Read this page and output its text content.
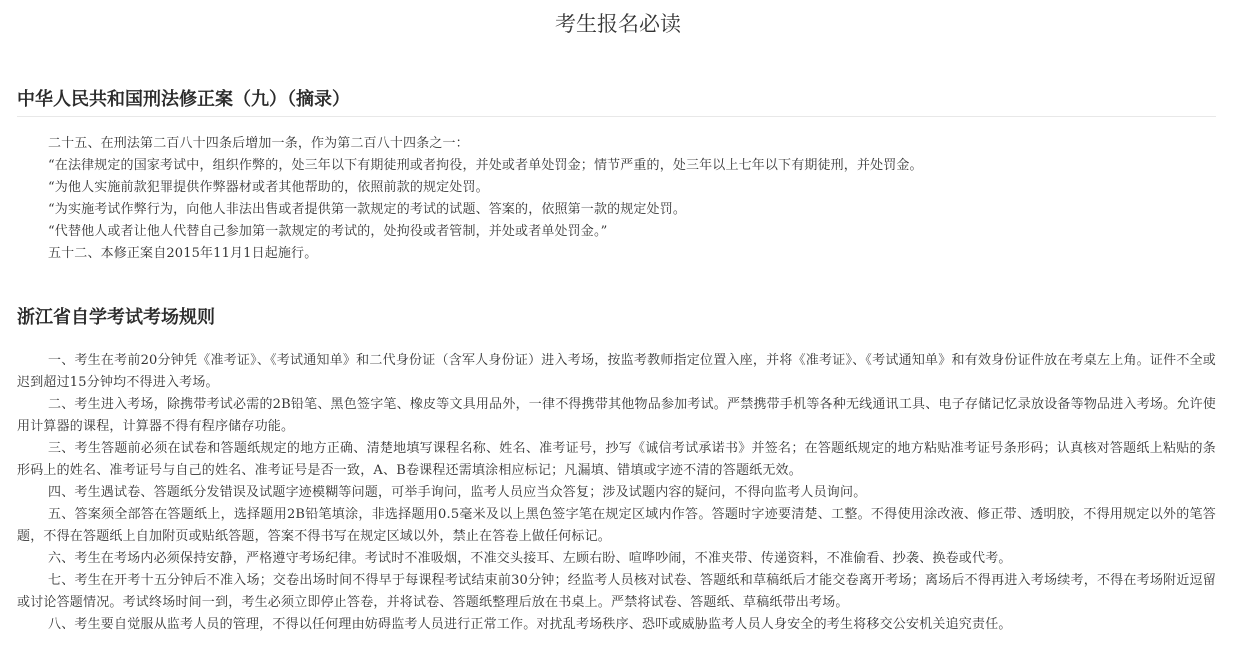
考生报名必读
中华人民共和国刑法修正案（九）（摘录）
二十五、在刑法第二百八十四条后增加一条，作为第二百八十四条之一：
“在法律规定的国家考试中，组织作弊的，处三年以下有期徒刑或者拘役，并处或者单处罚金；情节严重的，处三年以上七年以下有期徒刑，并处罚金。
“为他人实施前款犯罪提供作弊器材或者其他帮助的，依照前款的规定处罚。
“为实施考试作弊行为，向他人非法出售或者提供第一款规定的考试的试题、答案的，依照第一款的规定处罚。
“代替他人或者让他人代替自己参加第一款规定的考试的，处拘役或者管制，并处或者单处罚金。”
五十二、本修正案自2015年11月1日起施行。
浙江省自学考试考场规则

一、考生在考前20分钟凭《准考证》、《考试通知单》和二代身份证（含军人身份证）进入考场，按监考教师指定位置入座，并将《准考证》、《考试通知单》和有效身份证件放在考桌左上角。证件不全或迟到超过15分钟均不得进入考场。

二、考生进入考场，除携带考试必需的2B铅笔、黑色签字笔、橡皮等文具用品外，一律不得携带其他物品参加考试。严禁携带手机等各种无线通讯工具、电子存储记忆录放设备等物品进入考场。允许使用计算器的课程，计算器不得有程序储存功能。

三、考生答题前必须在试卷和答题纸规定的地方正确、清楚地填写课程名称、姓名、准考证号，抄写《诚信考试承诺书》并签名；在答题纸规定的地方粘贴准考证号条形码；认真核对答题纸上粘贴的条形码上的姓名、准考证号与自己的姓名、准考证号是否一致，A、B卷课程还需填涂相应标记；凡漏填、错填或字迹不清的答题纸无效。

四、考生遇试卷、答题纸分发错误及试题字迹模糊等问题，可举手询问，监考人员应当众答复；涉及试题内容的疑问，不得向监考人员询问。

五、答案须全部答在答题纸上，选择题用2B铅笔填涂，非选择题用0.5毫米及以上黑色签字笔在规定区域内作答。答题时字迹要清楚、工整。不得使用涂改液、修正带、透明胶，不得用规定以外的笔答题，不得在答题纸上自加附页或贴纸答题，答案不得书写在规定区域以外，禁止在答卷上做任何标记。

六、考生在考场内必须保持安静，严格遵守考场纪律。考试时不准吸烟，不准交头接耳、左顾右盼、喧哗吵闹，不准夹带、传递资料，不准偷看、抄袭、换卷或代考。

七、考生在开考十五分钟后不准入场；交卷出场时间不得早于每课程考试结束前30分钟；经监考人员核对试卷、答题纸和草稿纸后才能交卷离开考场；离场后不得再进入考场续考，不得在考场附近逗留或讨论答题情况。考试终场时间一到，考生必须立即停止答卷，并将试卷、答题纸整理后放在书桌上。严禁将试卷、答题纸、草稿纸带出考场。

八、考生要自觉服从监考人员的管理，不得以任何理由妨碍监考人员进行正常工作。对扰乱考场秩序、恐吓或威胁监考人员人身安全的考生将移交公安机关追究责任。
